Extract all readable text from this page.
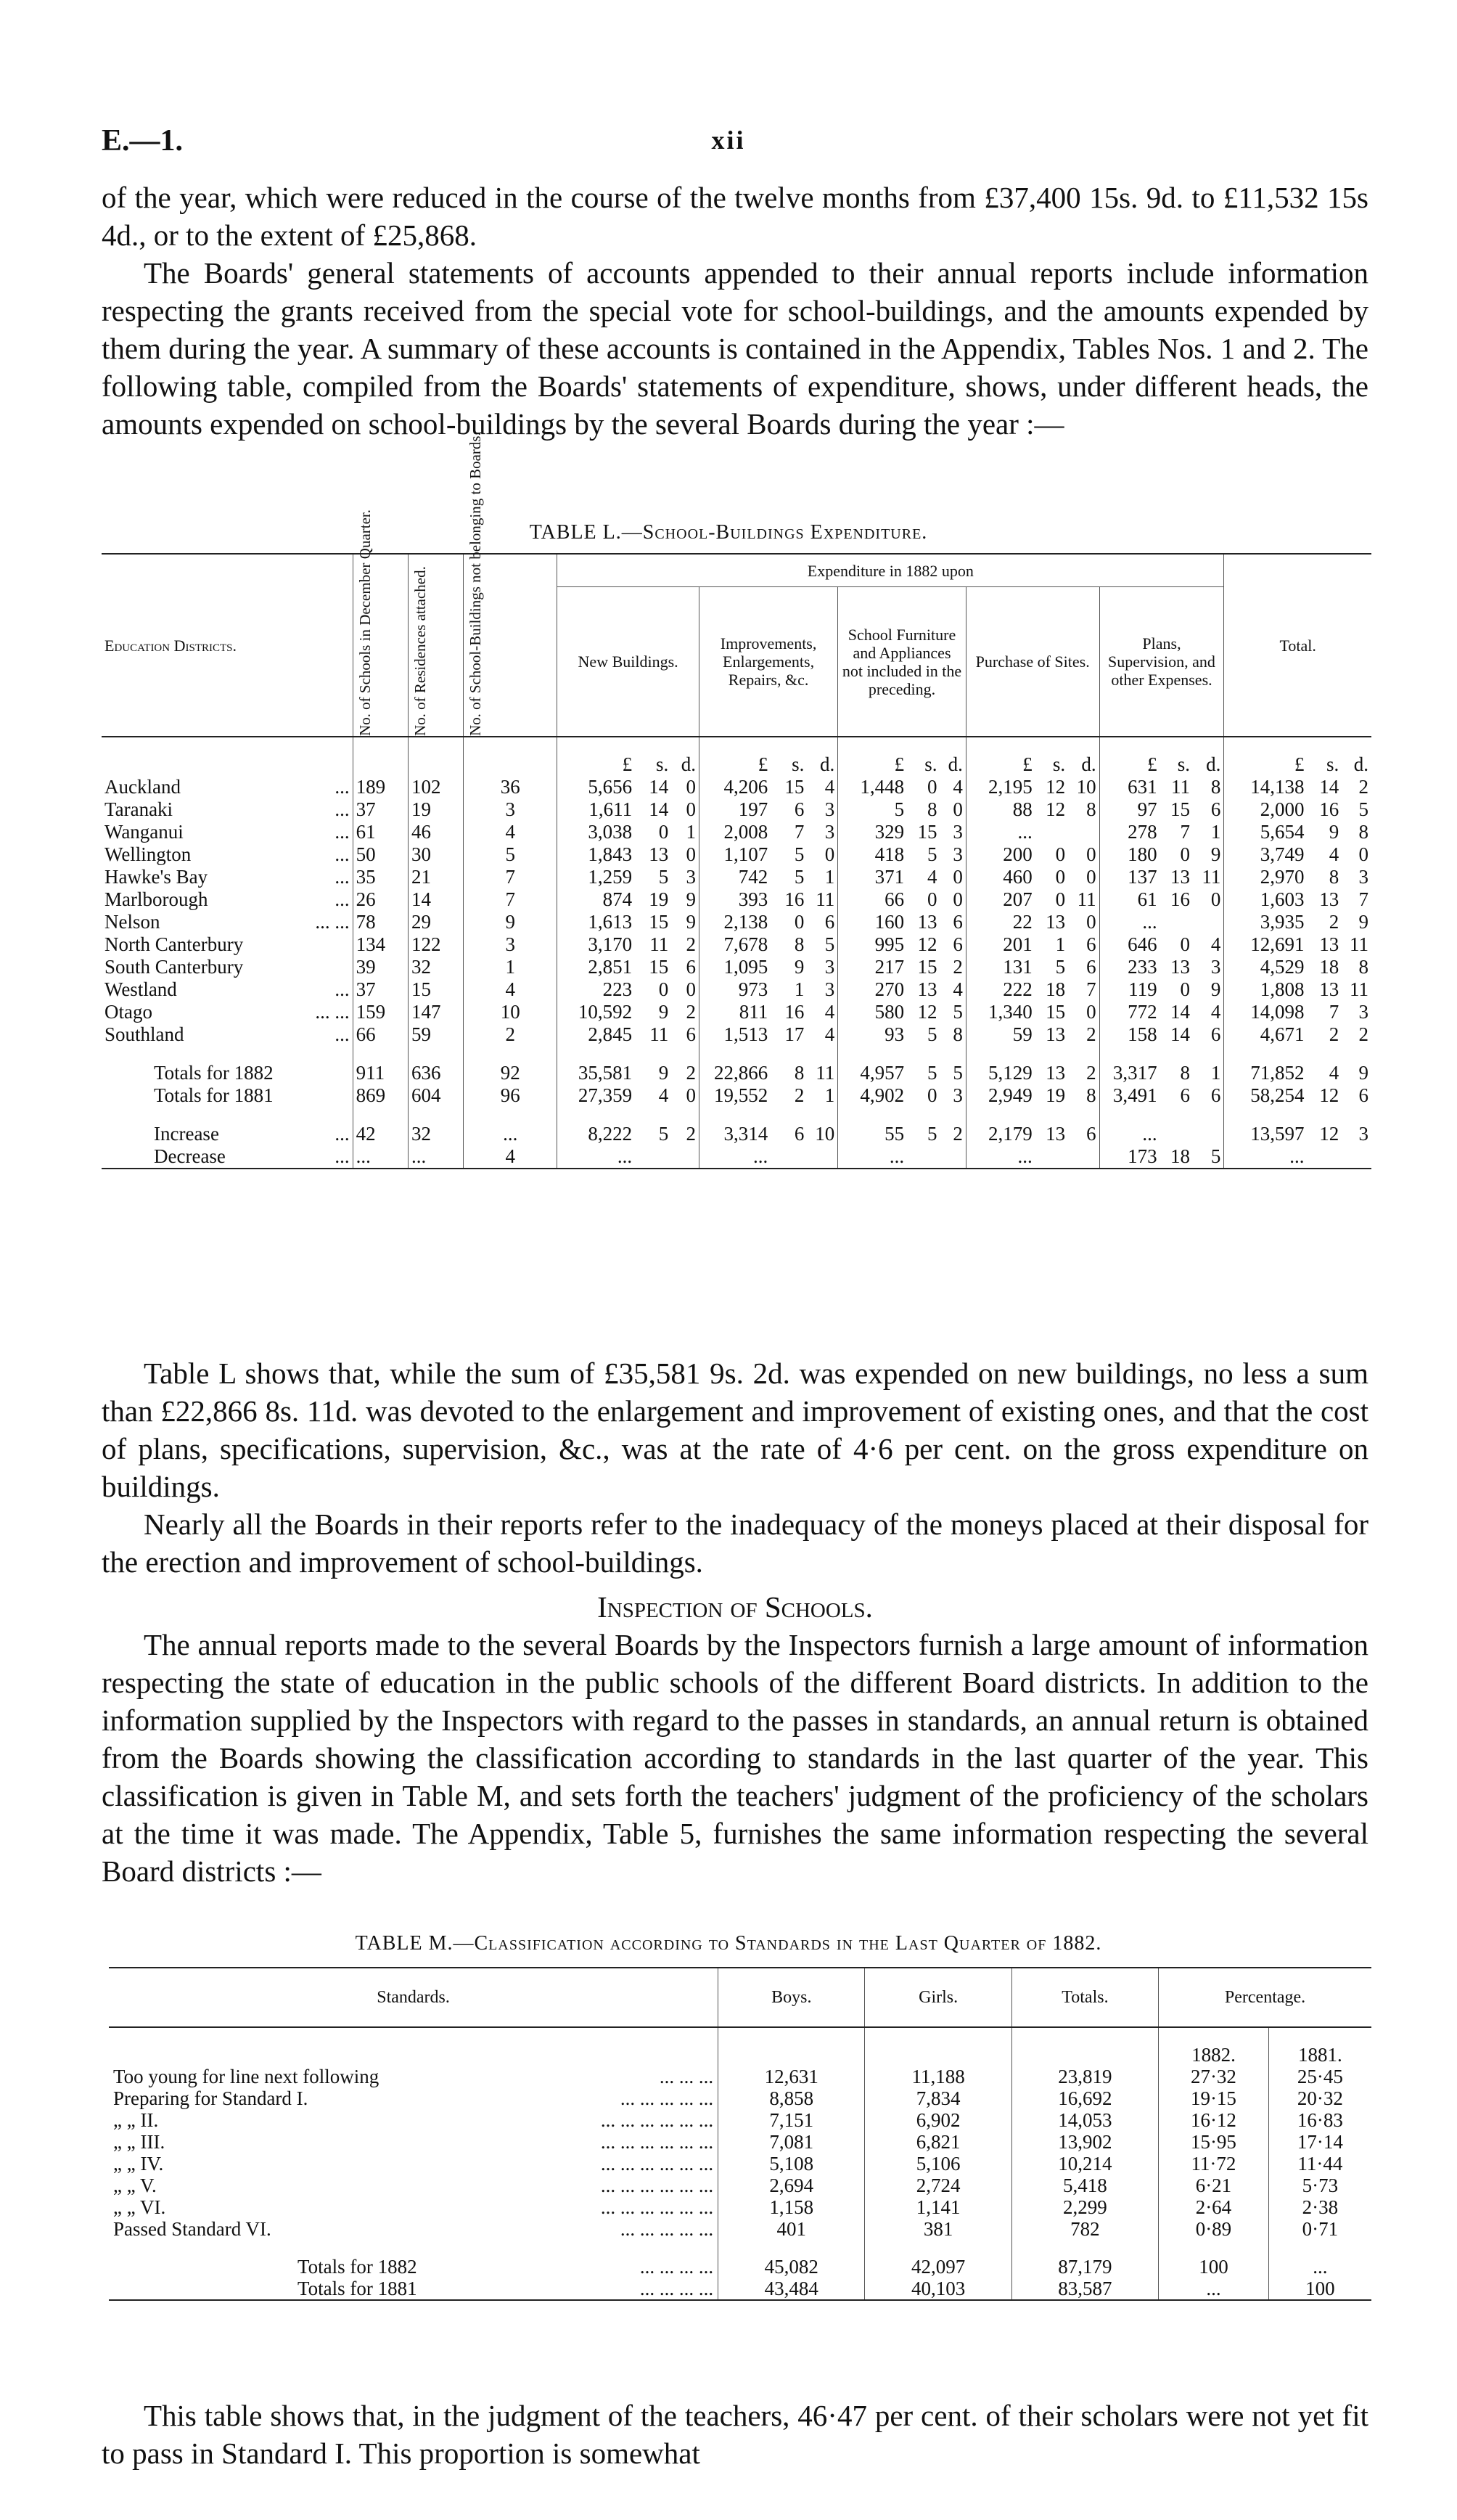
E.—1.	xii

of the year, which were reduced in the course of the twelve months from £37,400 15s. 9d. to £11,532 15s 4d., or to the extent of £25,868.

The Boards' general statements of accounts appended to their annual reports include information respecting the grants received from the special vote for school-buildings, and the amounts expended by them during the year. A summary of these accounts is contained in the Appendix, Tables Nos. 1 and 2. The following table, compiled from the Boards' statements of expenditure, shows, under different heads, the amounts expended on school-buildings by the several Boards during the year :—

TABLE L.—School-Buildings Expenditure.
Education Districts.	No. of Schools in December Quarter.	No. of Residences attached.	No. of School-Buildings not belonging to Boards.	Expenditure in 1882 upon															Total.		
				New Buildings.			Improvements, Enlargements, Repairs, &c.			School Furniture and Appliances not included in the preceding.			Purchase of Sites.			Plans, Supervision, and other Expenses.					

				£	s.	d.	£	s.	d.	£	s.	d.	£	s.	d.	£	s.	d.	£	s.	d.
Auckland ...	189	102	36	5,656	14	0	4,206	15	4	1,448	0	4	2,195	12	10	631	11	8	14,138	14	2
Taranaki ...	37	19	3	1,611	14	0	197	6	3	5	8	0	88	12	8	97	15	6	2,000	16	5
Wanganui ...	61	46	4	3,038	0	1	2,008	7	3	329	15	3	...			278	7	1	5,654	9	8
Wellington ...	50	30	5	1,843	13	0	1,107	5	0	418	5	3	200	0	0	180	0	9	3,749	4	0
Hawke's Bay ...	35	21	7	1,259	5	3	742	5	1	371	4	0	460	0	0	137	13	11	2,970	8	3
Marlborough ...	26	14	7	874	19	9	393	16	11	66	0	0	207	0	11	61	16	0	1,603	13	7
Nelson ... ...	78	29	9	1,613	15	9	2,138	0	6	160	13	6	22	13	0	...			3,935	2	9
North Canterbury	134	122	3	3,170	11	2	7,678	8	5	995	12	6	201	1	6	646	0	4	12,691	13	11
South Canterbury	39	32	1	2,851	15	6	1,095	9	3	217	15	2	131	5	6	233	13	3	4,529	18	8
Westland ...	37	15	4	223	0	0	973	1	3	270	13	4	222	18	7	119	0	9	1,808	13	11
Otago ... ...	159	147	10	10,592	9	2	811	16	4	580	12	5	1,340	15	0	772	14	4	14,098	7	3
Southland ...	66	59	2	2,845	11	6	1,513	17	4	93	5	8	59	13	2	158	14	6	4,671	2	2

Totals for 1882	911	636	92	35,581	9	2	22,866	8	11	4,957	5	5	5,129	13	2	3,317	8	1	71,852	4	9
Totals for 1881	869	604	96	27,359	4	0	19,552	2	1	4,902	0	3	2,949	19	8	3,491	6	6	58,254	12	6

Increase ...	42	32	...	8,222	5	2	3,314	6	10	55	5	2	2,179	13	6	...			13,597	12	3
Decrease ...	...	...	4	...			...			...			...			173	18	5	...		

Table L shows that, while the sum of £35,581 9s. 2d. was expended on new buildings, no less a sum than £22,866 8s. 11d. was devoted to the enlargement and improvement of existing ones, and that the cost of plans, specifications, supervision, &c., was at the rate of 4·6 per cent. on the gross expenditure on buildings.

Nearly all the Boards in their reports refer to the inadequacy of the moneys placed at their disposal for the erection and improvement of school-buildings.

Inspection of Schools.

The annual reports made to the several Boards by the Inspectors furnish a large amount of information respecting the state of education in the public schools of the different Board districts. In addition to the information supplied by the Inspectors with regard to the passes in standards, an annual return is obtained from the Boards showing the classification according to standards in the last quarter of the year. This classification is given in Table M, and sets forth the teachers' judgment of the proficiency of the scholars at the time it was made. The Appendix, Table 5, furnishes the same information respecting the several Board districts :—

TABLE M.—Classification according to Standards in the Last Quarter of 1882.
Standards.	Boys.	Girls.	Totals.	Percentage.	

				1882.	1881.
Too young for line next following ... ... ...	12,631	11,188	23,819	27·32	25·45
Preparing for Standard I. ... ... ... ... ...	8,858	7,834	16,692	19·15	20·32
„ „ II. ... ... ... ... ... ...	7,151	6,902	14,053	16·12	16·83
„ „ III. ... ... ... ... ... ...	7,081	6,821	13,902	15·95	17·14
„ „ IV. ... ... ... ... ... ...	5,108	5,106	10,214	11·72	11·44
„ „ V. ... ... ... ... ... ...	2,694	2,724	5,418	6·21	5·73
„ „ VI. ... ... ... ... ... ...	1,158	1,141	2,299	2·64	2·38
Passed Standard VI. ... ... ... ... ...	401	381	782	0·89	0·71

Totals for 1882 ... ... ... ...	45,082	42,097	87,179	100	...
Totals for 1881 ... ... ... ...	43,484	40,103	83,587	...	100

This table shows that, in the judgment of the teachers, 46·47 per cent. of their scholars were not yet fit to pass in Standard I. This proportion is somewhat
